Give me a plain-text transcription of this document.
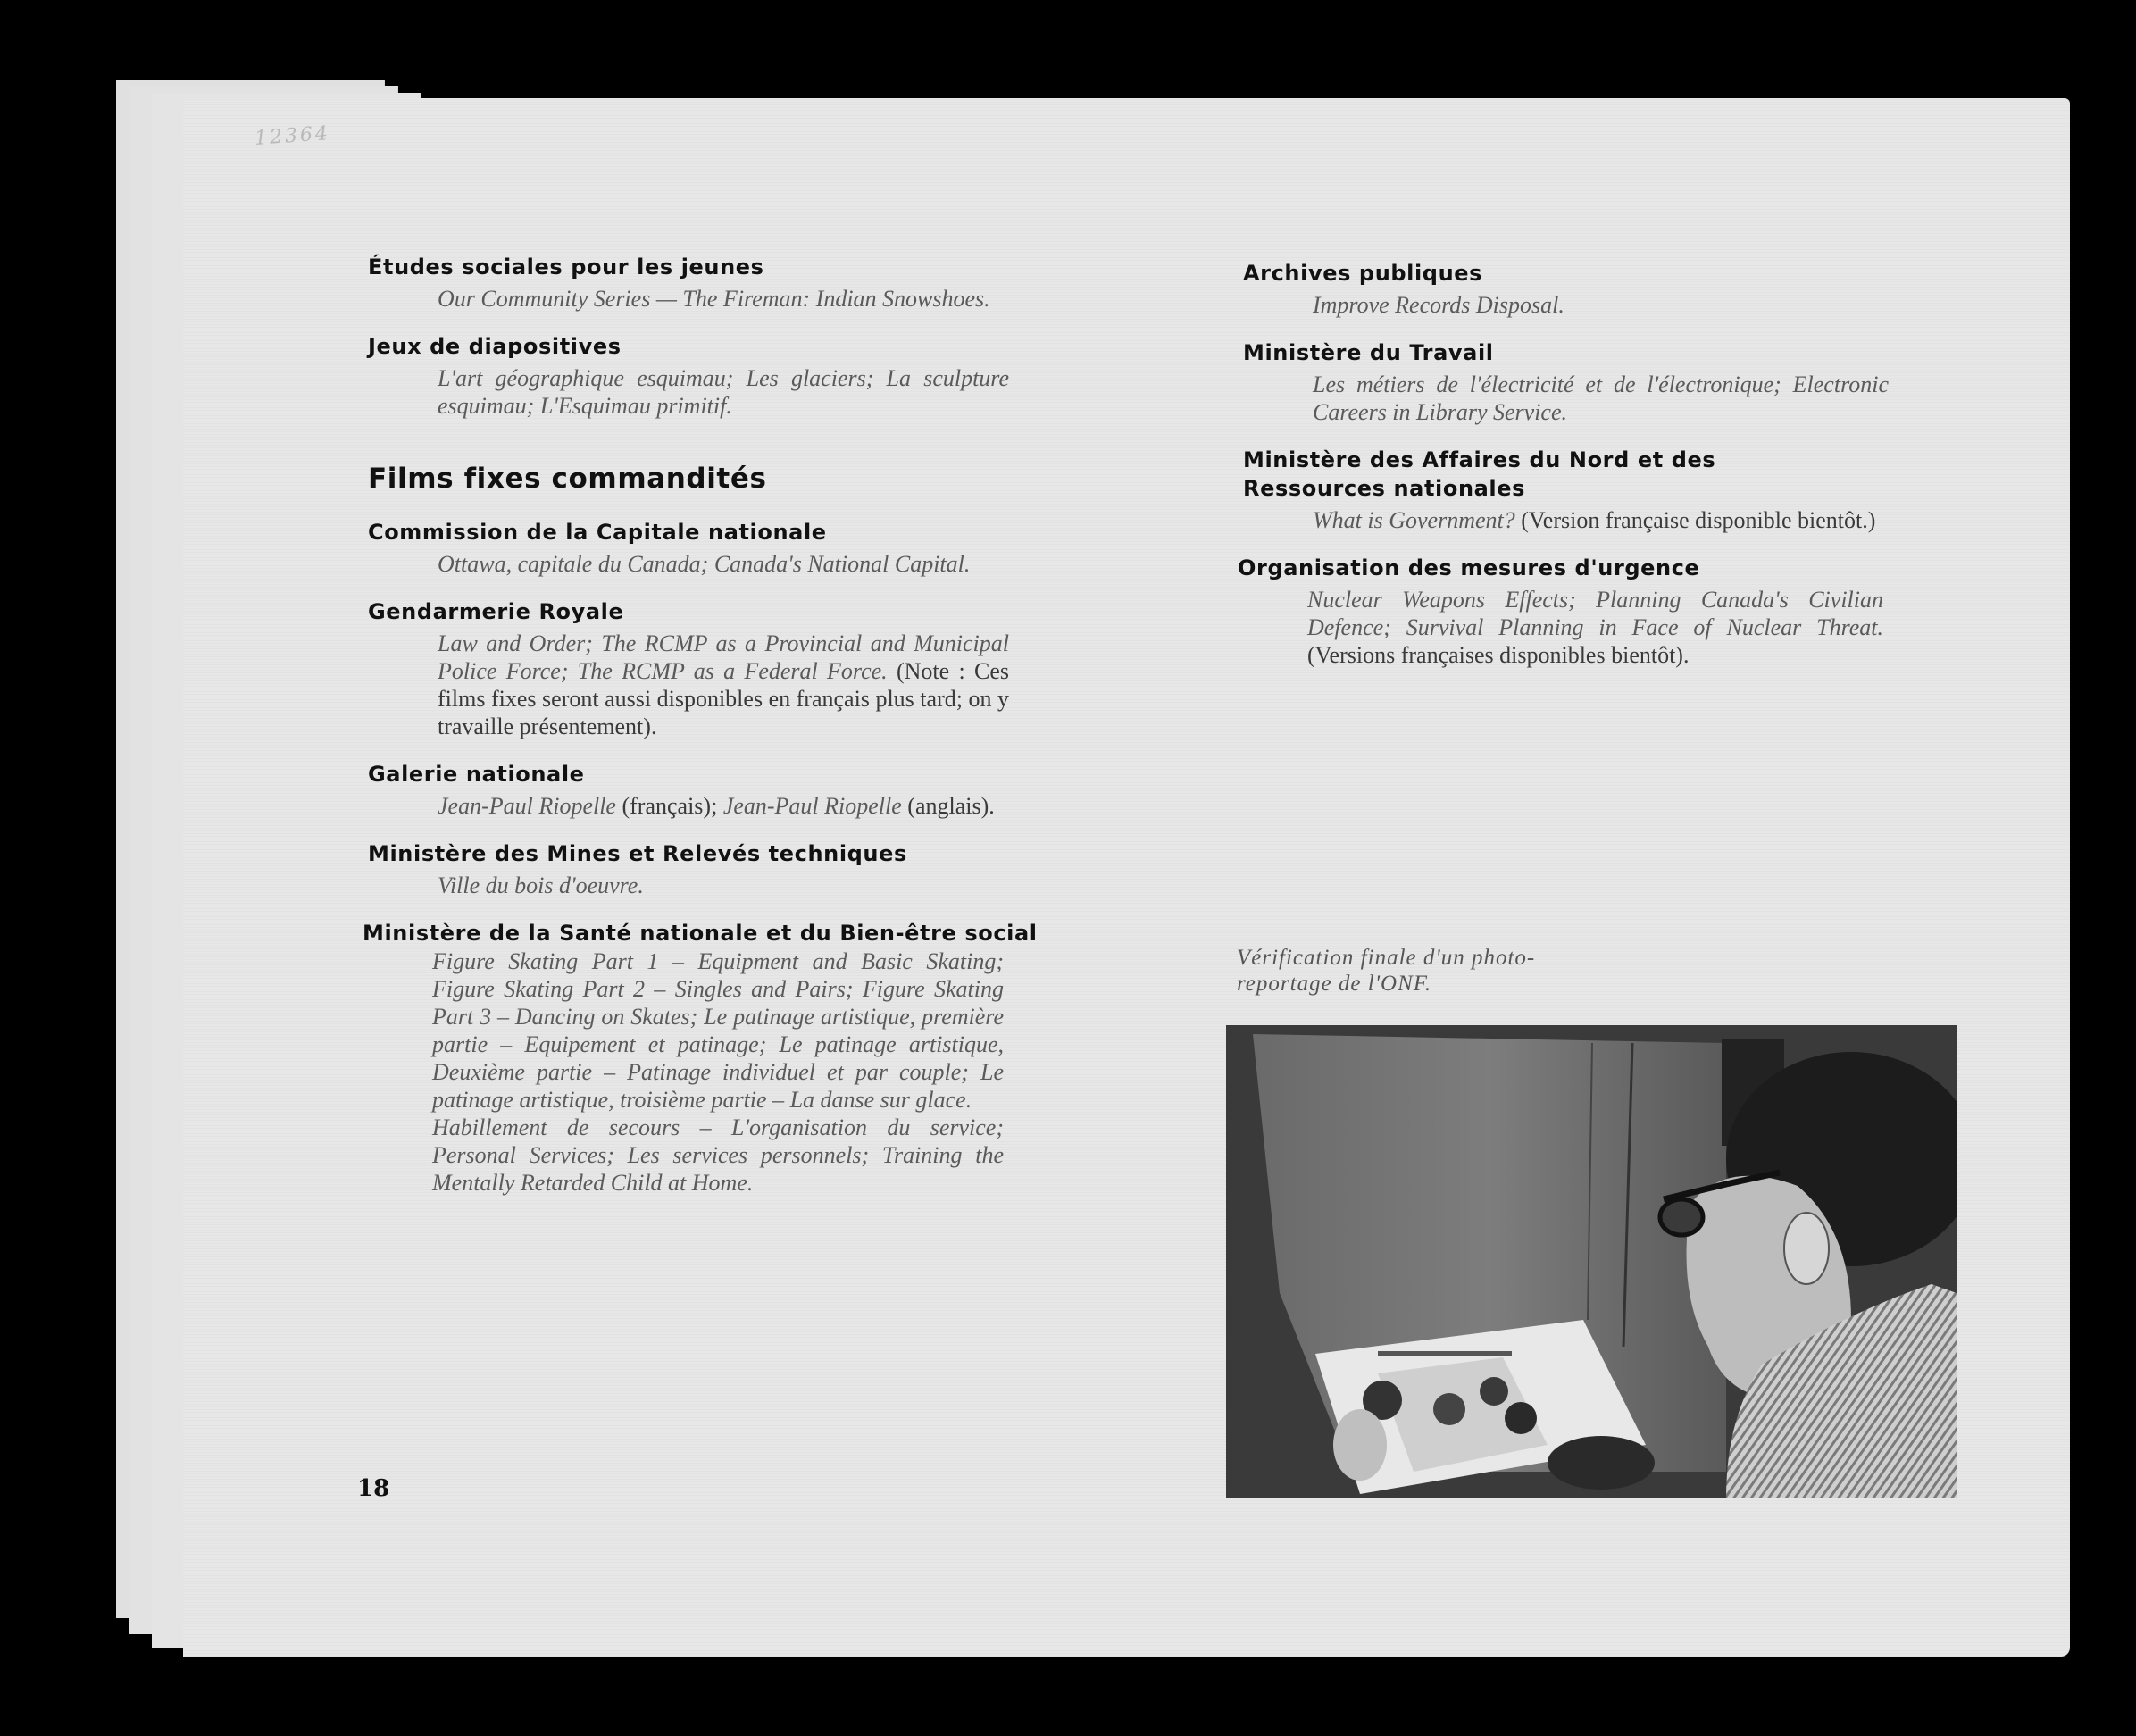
12364
Études sociales pour les jeunes

Our Community Series — The Fireman: Indian Snowshoes.

Jeux de diapositives

L'art géographique esquimau; Les glaciers; La sculpture esquimau; L'Esquimau primitif.

Films fixes commandités
Commission de la Capitale nationale

Ottawa, capitale du Canada; Canada's National Capital.

Gendarmerie Royale

Law and Order; The RCMP as a Provincial and Municipal Police Force; The RCMP as a Federal Force. (Note : Ces films fixes seront aussi disponibles en français plus tard; on y travaille présentement).

Galerie nationale

Jean-Paul Riopelle (français); Jean-Paul Riopelle (anglais).

Ministère des Mines et Relevés techniques

Ville du bois d'oeuvre.

Ministère de la Santé nationale et du Bien-être social

Figure Skating Part 1 – Equipment and Basic Skating; Figure Skating Part 2 – Singles and Pairs; Figure Skating Part 3 – Dancing on Skates; Le patinage artistique, première partie – Equipement et patinage; Le patinage artistique, Deuxième partie – Patinage individuel et par couple; Le patinage artistique, troisième partie – La danse sur glace.

Habillement de secours – L'organisation du service; Personal Services; Les services personnels; Training the Mentally Retarded Child at Home.

18
Archives publiques

Improve Records Disposal.

Ministère du Travail

Les métiers de l'électricité et de l'électronique; Electronic Careers in Library Service.

Ministère des Affaires du Nord et des Ressources nationales

What is Government? (Version française disponible bientôt.)

Organisation des mesures d'urgence

Nuclear Weapons Effects; Planning Canada's Civilian Defence; Survival Planning in Face of Nuclear Threat. (Versions françaises disponibles bientôt).

Vérification finale d'un photo-reportage de l'ONF.
